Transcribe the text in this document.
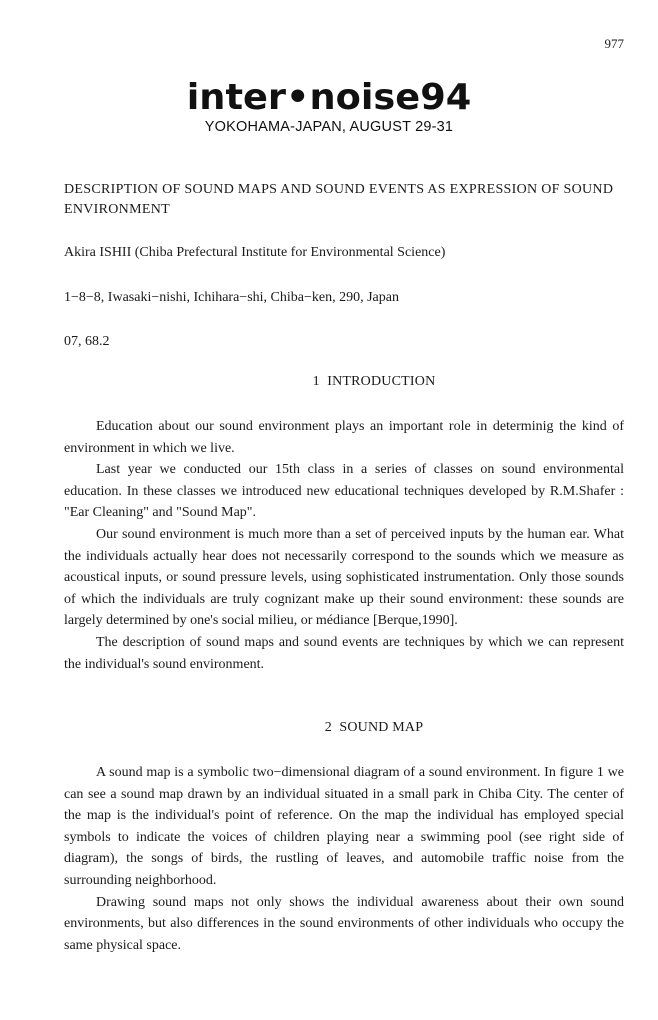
977
inter•noise94
YOKOHAMA-JAPAN, AUGUST 29-31
DESCRIPTION OF SOUND MAPS AND SOUND EVENTS AS EXPRESSION OF SOUND ENVIRONMENT
Akira ISHII (Chiba Prefectural Institute for Environmental Science)
1−8−8, Iwasaki−nishi, Ichihara−shi, Chiba−ken, 290, Japan
07, 68.2
1  INTRODUCTION

Education about our sound environment plays an important role in determinig the kind of environment in which we live.

Last year we conducted our 15th class in a series of classes on sound environmental education. In these classes we introduced new educational techniques developed by R.M.Shafer : "Ear Cleaning" and "Sound Map".

Our sound environment is much more than a set of perceived inputs by the human ear. What the individuals actually hear does not necessarily correspond to the sounds which we measure as acoustical inputs, or sound pressure levels, using sophisticated instrumentation. Only those sounds of which the individuals are truly cognizant make up their sound environment: these sounds are largely determined by one's social milieu, or médiance [Berque,1990].

The description of sound maps and sound events are techniques by which we can represent the individual's sound environment.

2  SOUND MAP

A sound map is a symbolic two−dimensional diagram of a sound environment. In figure 1 we can see a sound map drawn by an individual situated in a small park in Chiba City. The center of the map is the individual's point of reference. On the map the individual has employed special symbols to indicate the voices of children playing near a swimming pool (see right side of diagram), the songs of birds, the rustling of leaves, and automobile traffic noise from the surrounding neighborhood.

Drawing sound maps not only shows the individual awareness about their own sound environments, but also differences in the sound environments of other individuals who occupy the same physical space.
